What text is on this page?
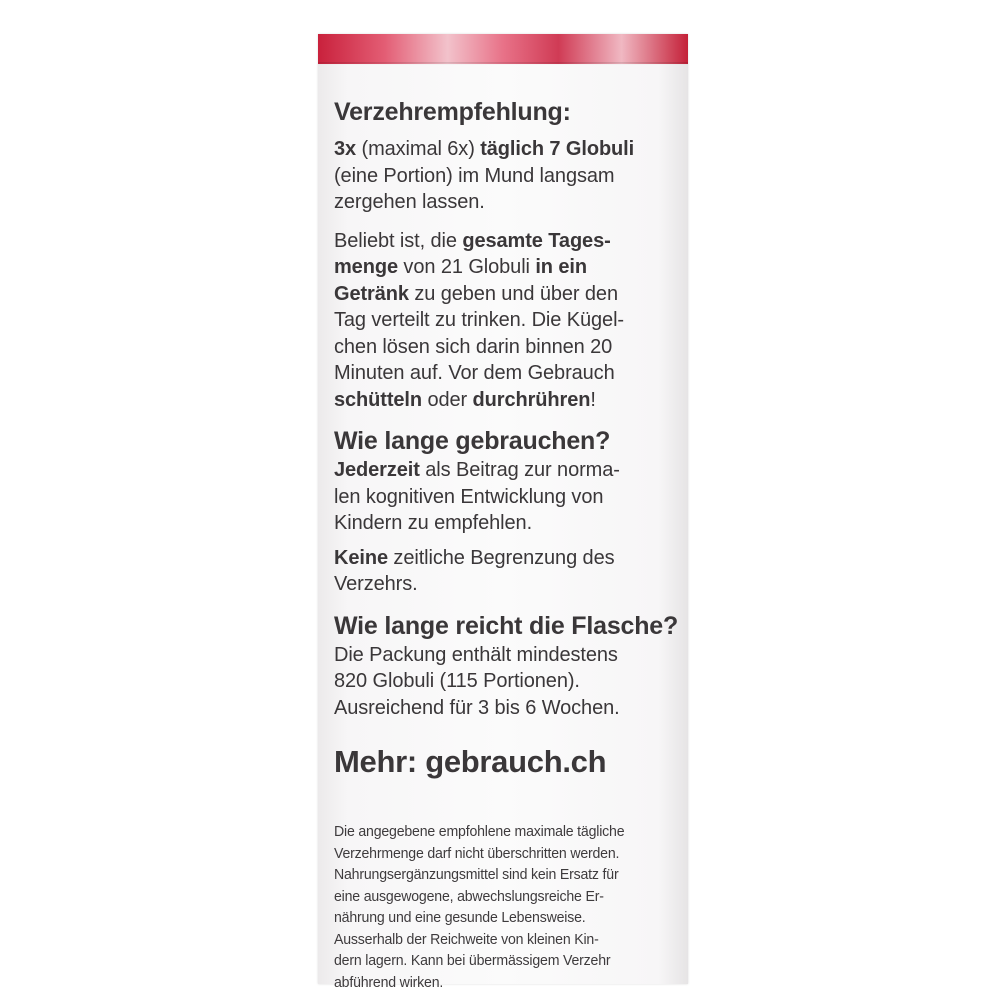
Verzehrempfehlung:

3x (maximal 6x) täglich 7 Globuli

(eine Portion) im Mund langsam

zergehen lassen.

Beliebt ist, die gesamte Tages-

menge von 21 Globuli in ein

Getränk zu geben und über den

Tag verteilt zu trinken. Die Kügel-

chen lösen sich darin binnen 20

Minuten auf. Vor dem Gebrauch

schütteln oder durchrühren!

Wie lange gebrauchen?

Jederzeit als Beitrag zur norma-

len kognitiven Entwicklung von

Kindern zu empfehlen.

Keine zeitliche Begrenzung des

Verzehrs.

Wie lange reicht die Flasche?

Die Packung enthält mindestens

820 Globuli (115 Portionen).

Ausreichend für 3 bis 6 Wochen.

Mehr: gebrauch.ch

Die angegebene empfohlene maximale tägliche

Verzehrmenge darf nicht überschritten werden.

Nahrungsergänzungsmittel sind kein Ersatz für

eine ausgewogene, abwechslungsreiche Er-

nährung und eine gesunde Lebensweise.

Ausserhalb der Reichweite von kleinen Kin-

dern lagern. Kann bei übermässigem Verzehr

abführend wirken.
